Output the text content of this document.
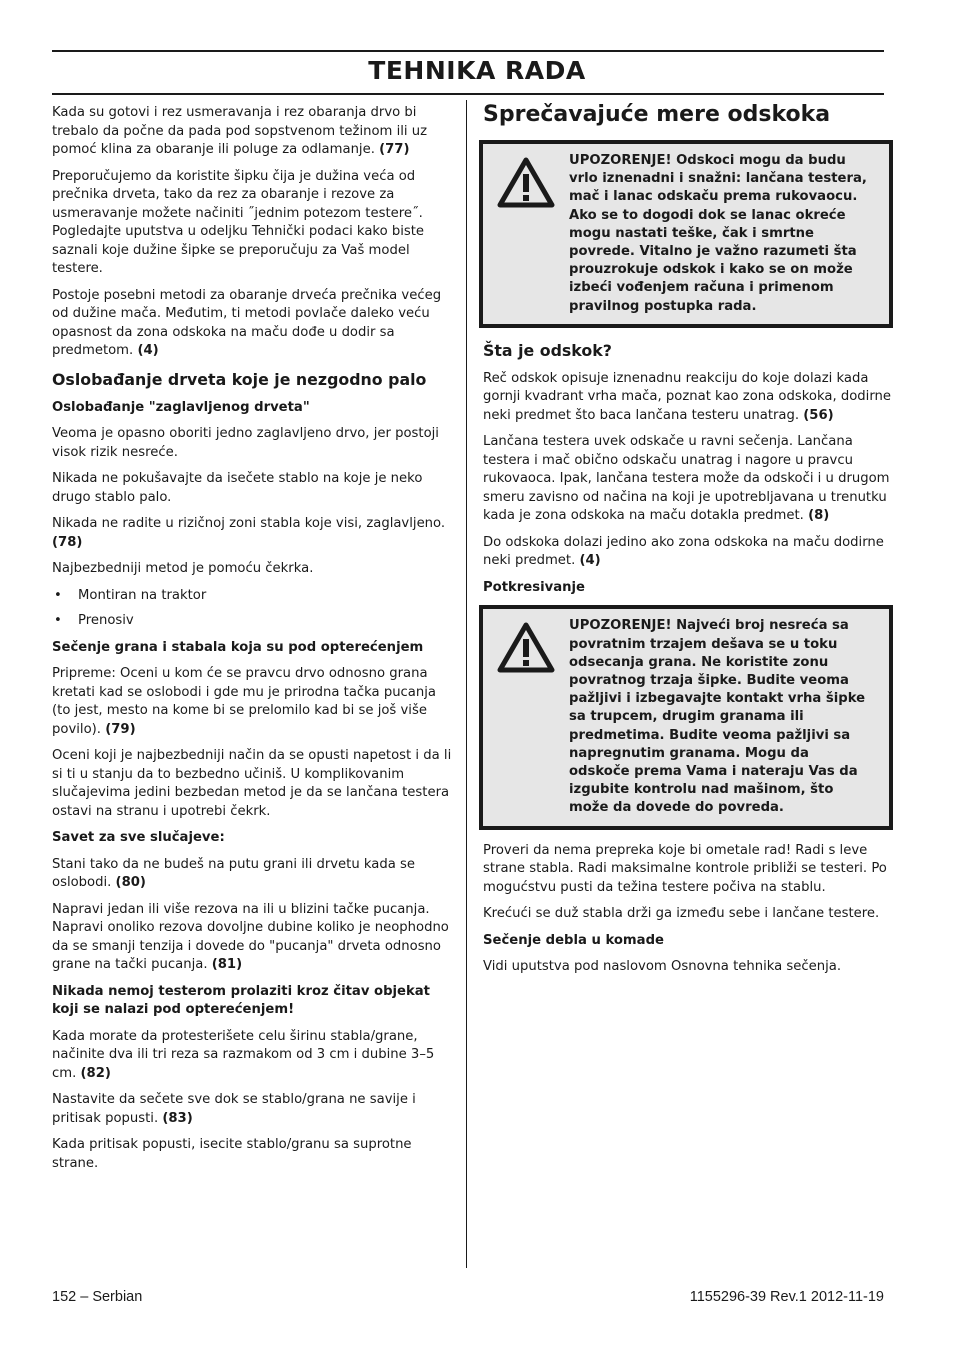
TEHNIKA RADA

Kada su gotovi i rez usmeravanja i rez obaranja drvo bi trebalo da počne da pada pod sopstvenom težinom ili uz pomoć klina za obaranje ili poluge za odlamanje. (77)

Preporučujemo da koristite šipku čija je dužina veća od prečnika drveta, tako da rez za obaranje i rezove za usmeravanje možete načiniti ˝jednim potezom testere˝. Pogledajte uputstva u odeljku Tehnički podaci kako biste saznali koje dužine šipke se preporučuju za Vaš model testere.

Postoje posebni metodi za obaranje drveća prečnika većeg od dužine mača. Međutim, ti metodi povlače daleko veću opasnost da zona odskoka na maču dođe u dodir sa predmetom. (4)

Oslobađanje drveta koje je nezgodno palo

Oslobađanje "zaglavljenog drveta"

Veoma je opasno oboriti jedno zaglavljeno drvo, jer postoji visok rizik nesreće.

Nikada ne pokušavajte da isečete stablo na koje je neko drugo stablo palo.

Nikada ne radite u rizičnoj zoni stabla koje visi, zaglavljeno. (78)

Najbezbedniji metod je pomoću čekrka.

• Montiran na traktor
• Prenosiv

Sečenje grana i stabala koja su pod opterećenjem

Pripreme: Oceni u kom će se pravcu drvo odnosno grana kretati kad se oslobodi i gde mu je prirodna tačka pucanja (to jest, mesto na kome bi se prelomilo kad bi se još više povilo). (79)

Oceni koji je najbezbedniji način da se opusti napetost i da li si ti u stanju da to bezbedno učiniš. U komplikovanim slučajevima jedini bezbedan metod je da se lančana testera ostavi na stranu i upotrebi čekrk.

Savet za sve slučajeve:

Stani tako da ne budeš na putu grani ili drvetu kada se oslobodi. (80)

Napravi jedan ili više rezova na ili u blizini tačke pucanja. Napravi onoliko rezova dovoljne dubine koliko je neophodno da se smanji tenzija i dovede do "pucanja" drveta odnosno grane na tački pucanja. (81)

Nikada nemoj testerom prolaziti kroz čitav objekat koji se nalazi pod opterećenjem!

Kada morate da protesterišete celu širinu stabla/grane, načinite dva ili tri reza sa razmakom od 3 cm i dubine 3–5 cm. (82)

Nastavite da sečete sve dok se stablo/grana ne savije i pritisak popusti. (83)

Kada pritisak popusti, isecite stablo/granu sa suprotne strane.

Sprečavajuće mere odskoka
UPOZORENJE! Odskoci mogu da budu vrlo iznenadni i snažni: lančana testera, mač i lanac odskaču prema rukovaocu. Ako se to dogodi dok se lanac okreće mogu nastati teške, čak i smrtne povrede. Vitalno je važno razumeti šta prouzrokuje odskok i kako se on može izbeći vođenjem računa i primenom pravilnog postupka rada.
Šta je odskok?

Reč odskok opisuje iznenadnu reakciju do koje dolazi kada gornji kvadrant vrha mača, poznat kao zona odskoka, dodirne neki predmet što baca lančana testeru unatrag. (56)

Lančana testera uvek odskače u ravni sečenja. Lančana testera i mač obično odskaču unatrag i nagore u pravcu rukovaoca. Ipak, lančana testera može da odskoči i u drugom smeru zavisno od načina na koji je upotrebljavana u trenutku kada je zona odskoka na maču dotakla predmet. (8)

Do odskoka dolazi jedino ako zona odskoka na maču dodirne neki predmet. (4)

Potkresivanje

UPOZORENJE! Najveći broj nesreća sa povratnim trzajem dešava se u toku odsecanja grana. Ne koristite zonu povratnog trzaja šipke. Budite veoma pažljivi i izbegavajte kontakt vrha šipke sa trupcem, drugim granama ili predmetima. Budite veoma pažljivi sa napregnutim granama. Mogu da odskoče prema Vama i nateraju Vas da izgubite kontrolu nad mašinom, što može da dovede do povreda.

Proveri da nema prepreka koje bi ometale rad! Radi s leve strane stabla. Radi maksimalne kontrole približi se testeri. Po mogućstvu pusti da težina testere počiva na stablu.

Krećući se duž stabla drži ga između sebe i lančane testere.

Sečenje debla u komade

Vidi uputstva pod naslovom Osnovna tehnika sečenja.

152 – Serbian	1155296-39 Rev.1 2012-11-19
